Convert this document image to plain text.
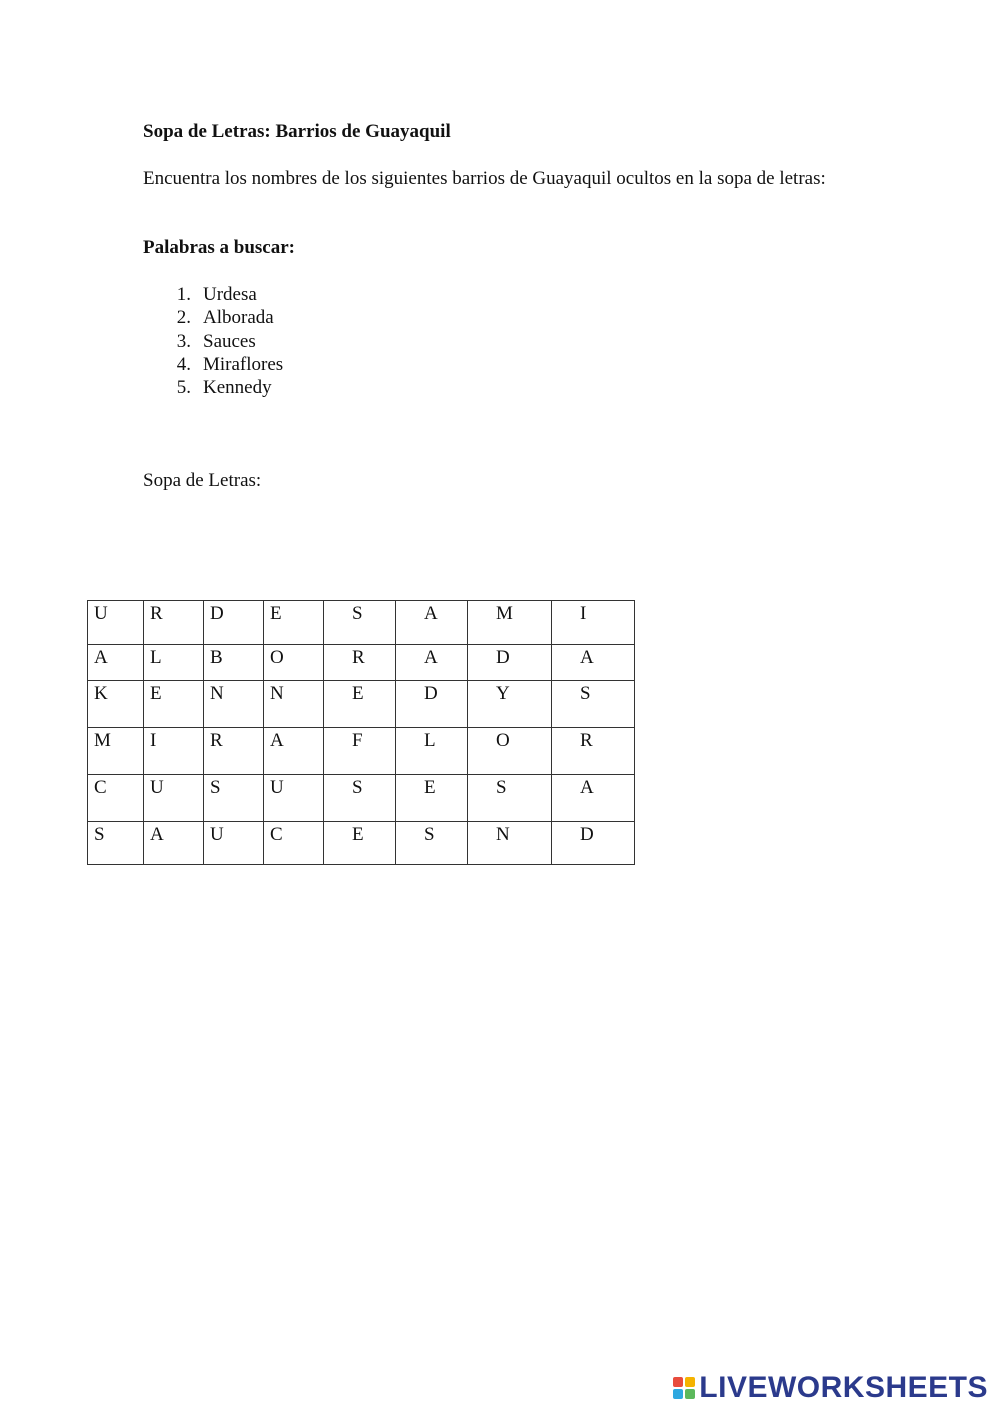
Sopa de Letras: Barrios de Guayaquil
Encuentra los nombres de los siguientes barrios de Guayaquil ocultos en la sopa de letras:
Palabras a buscar:
1. Urdesa
2. Alborada
3. Sauces
4. Miraflores
5. Kennedy
Sopa de Letras:
U	R	D	E	S	A	M	I
A	L	B	O	R	A	D	A
K	E	N	N	E	D	Y	S
M	I	R	A	F	L	O	R
C	U	S	U	S	E	S	A
S	A	U	C	E	S	N	D
LIVEWORKSHEETS
